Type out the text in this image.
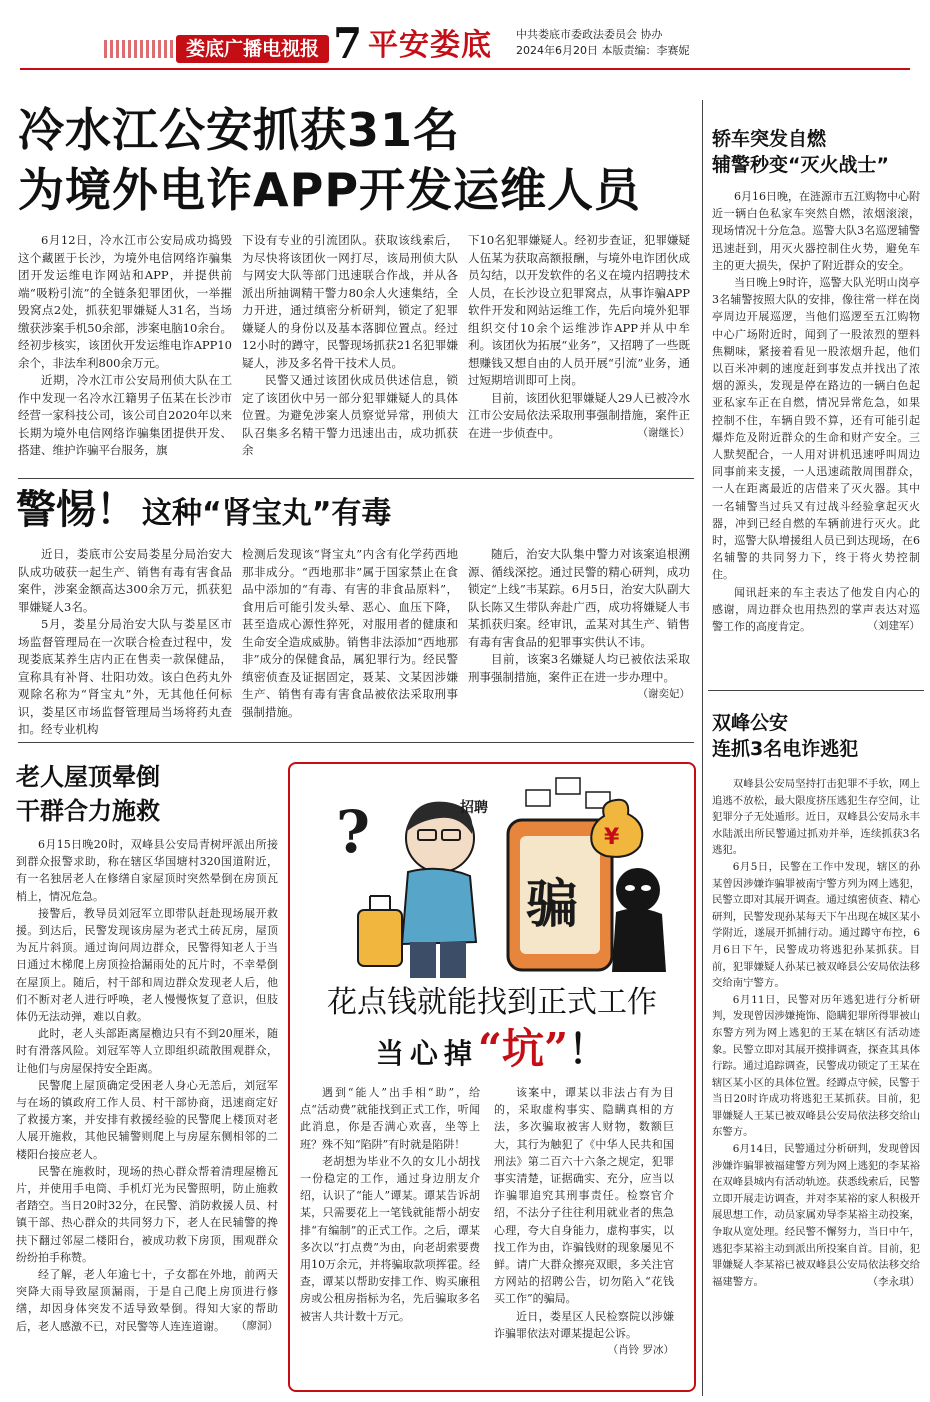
娄底广播电视报 7 平安娄底 中共娄底市委政法委员会 协办
2024年6月20日 本版责编：李赛妮
冷水江公安抓获31名
为境外电诈APP开发运维人员

6月12日，冷水江市公安局成功捣毁这个藏匿于长沙，为境外电信网络诈骗集团开发运维电诈网站和APP，并提供前端“吸粉引流”的全链条犯罪团伙，一举摧毁窝点2处，抓获犯罪嫌疑人31名，当场缴获涉案手机50余部，涉案电脑10余台。经初步核实，该团伙开发运维电诈APP10余个，非法牟利800余万元。

近期，冷水江市公安局刑侦大队在工作中发现一名冷水江籍男子伍某在长沙市经营一家科技公司，该公司自2020年以来长期为境外电信网络诈骗集团提供开发、搭建、维护诈骗平台服务，旗

下设有专业的引流团队。获取该线索后，为尽快将该团伙一网打尽，该局刑侦大队与网安大队等部门迅速联合作战，并从各派出所抽调精干警力80余人火速集结，全力开进，通过缜密分析研判，锁定了犯罪嫌疑人的身份以及基本落脚位置点。经过12小时的蹲守，民警现场抓获21名犯罪嫌疑人，涉及多名骨干技术人员。

民警又通过该团伙成员供述信息，锁定了该团伙中另一部分犯罪嫌疑人的具体位置。为避免涉案人员察觉异常，刑侦大队召集多名精干警力迅速出击，成功抓获余

下10名犯罪嫌疑人。经初步查证，犯罪嫌疑人伍某为获取高额报酬，与境外电诈团伙成员勾结，以开发软件的名义在境内招聘技术人员，在长沙设立犯罪窝点，从事诈骗APP软件开发和网站运维工作，先后向境外犯罪组织交付10余个运维涉诈APP并从中牟利。该团伙为拓展“业务”，又招聘了一些既想赚钱又想自由的人员开展“引流”业务，通过短期培训即可上岗。

目前，该团伙犯罪嫌疑人29人已被冷水江市公安局依法采取刑事强制措施，案件正在进一步侦查中。	（谢继长）

警惕！ 这种“肾宝丸”有毒

近日，娄底市公安局娄星分局治安大队成功破获一起生产、销售有毒有害食品案件，涉案金额高达300余万元，抓获犯罪嫌疑人3名。

5月，娄星分局治安大队与娄星区市场监督管理局在一次联合检查过程中，发现娄底某养生店内正在售卖一款保健品，宣称具有补肾、壮阳功效。该白色药丸外观除名称为“肾宝丸”外，无其他任何标识，娄星区市场监督管理局当场将药丸查扣。经专业机构

检测后发现该“肾宝丸”内含有化学药西地那非成分。“西地那非”属于国家禁止在食品中添加的“有毒、有害的非食品原料”，食用后可能引发头晕、恶心、血压下降，甚至造成心源性猝死，对服用者的健康和生命安全造成威胁。销售非法添加“西地那非”成分的保健食品，属犯罪行为。经民警缜密侦查及证据固定，聂某、文某因涉嫌生产、销售有毒有害食品被依法采取刑事强制措施。

随后，治安大队集中警力对该案追根溯源、循线深挖。通过民警的精心研判，成功锁定“上线”韦某踪。6月5日，治安大队副大队长陈又生带队奔赴广西，成功将嫌疑人韦某抓获归案。经审讯，孟某对其生产、销售有毒有害食品的犯罪事实供认不讳。

目前，该案3名嫌疑人均已被依法采取刑事强制措施，案件正在进一步办理中。
（谢奕妃）

老人屋顶晕倒
干群合力施救

6月15日晚20时，双峰县公安局青树坪派出所接到群众报警求助，称在辖区华国塘村320国道附近，有一名独居老人在修缮自家屋顶时突然晕倒在房顶瓦梢上，情况危急。

接警后，教导员刘冠军立即带队赶赴现场展开救援。到达后，民警发现该房屋为老式土砖瓦房，屋顶为瓦片斜顶。通过询问周边群众，民警得知老人于当日通过木梯爬上房顶捡拾漏雨处的瓦片时，不幸晕倒在屋顶上。随后，村干部和周边群众发现老人后，他们不断对老人进行呼唤，老人慢慢恢复了意识，但肢体仍无法动弹，难以自救。

此时，老人头部距离屋檐边只有不到20厘米，随时有滑落风险。刘冠军等人立即组织疏散围观群众，让他们与房屋保持安全距离。

民警爬上屋顶确定受困老人身心无恙后，刘冠军与在场的镇政府工作人员、村干部协商，迅速商定好了救援方案，并安排有救援经验的民警爬上楼顶对老人展开施救，其他民辅警则爬上与房屋东侧相邻的二楼阳台接应老人。

民警在施救时，现场的热心群众帮着清理屋檐瓦片，并使用手电筒、手机灯光为民警照明，防止施救者踏空。当日20时32分，在民警、消防救援人员、村镇干部、热心群众的共同努力下，老人在民辅警的搀扶下翻过邻屋二楼阳台，被成功救下房顶，围观群众纷纷拍手称赞。

经了解，老人年逾七十，子女都在外地，前两天突降大雨导致屋顶漏雨，于是自己爬上房顶进行修缮，却因身体突发不适导致晕倒。得知大家的帮助后，老人感激不已，对民警等人连连道谢。	（廖洞）

?	招聘
骗
¥
花点钱就能找到正式工作
当心掉“坑”！

遇到“能人”出手相“助”，给点“活动费”就能找到正式工作，听闻此消息，你是否满心欢喜，坐等上班？殊不知“陷阱”有时就是陷阱！

老胡想为毕业不久的女儿小胡找一份稳定的工作，通过身边朋友介绍，认识了“能人”谭某。谭某告诉胡某，只需要花上一笔钱就能帮小胡安排“有编制”的正式工作。之后，谭某多次以“打点费”为由，向老胡索要费用10万余元，并将骗取款项挥霍。经查，谭某以帮助安排工作、购买廉租房或公租房指标为名，先后骗取多名被害人共计数十万元。

该案中，谭某以非法占有为目的，采取虚构事实、隐瞒真相的方法，多次骗取被害人财物，数额巨大，其行为触犯了《中华人民共和国刑法》第二百六十六条之规定，犯罪事实清楚，证据确实、充分，应当以诈骗罪追究其刑事责任。检察官介绍，不法分子往往利用就业者的焦急心理，夸大自身能力，虚构事实，以找工作为由，诈骗钱财的现象屡见不鲜。请广大群众擦亮双眼，多关注官方网站的招聘公告，切勿陷入“花钱买工作”的骗局。

近日，娄星区人民检察院以涉嫌诈骗罪依法对谭某提起公诉。
（肖铃 罗冰）

轿车突发自燃
辅警秒变“灭火战士”

6月16日晚，在涟源市五江购物中心附近一辆白色私家车突然自燃，浓烟滚滚，现场情况十分危急。巡警大队3名巡逻辅警迅速赶到，用灭火器控制住火势，避免车主的更大损失，保护了附近群众的安全。

当日晚上9时许，巡警大队光明山岗亭3名辅警按照大队的安排，像往常一样在岗亭周边开展巡逻，当他们巡逻至五江购物中心广场附近时，闻到了一股浓烈的塑料焦糊味，紧接着看见一股浓烟升起，他们以百米冲刺的速度赶到事发点并找出了浓烟的源头，发现是停在路边的一辆白色起亚私家车正在自燃，情况异常危急，如果控制不住，车辆自毁不算，还有可能引起爆炸危及附近群众的生命和财产安全。三人默契配合，一人用对讲机迅速呼叫周边同事前来支援，一人迅速疏散周围群众，一人在距离最近的店借来了灭火器。其中一名辅警当过兵又有过战斗经验拿起灭火器，冲到已经自燃的车辆前进行灭火。此时，巡警大队增援组人员已到达现场，在6名辅警的共同努力下，终于将火势控制住。

闻讯赶来的车主表达了他发自内心的感谢，周边群众也用热烈的掌声表达对巡警工作的高度肯定。	（刘建军）

双峰公安
连抓3名电诈逃犯

双峰县公安局坚持打击犯罪不手软，网上追逃不放松，最大限度挤压逃犯生存空间，让犯罪分子无处遁形。近日，双峰县公安局永丰水陆派出所民警通过抓劝并举，连续抓获3名逃犯。

6月5日，民警在工作中发现，辖区的孙某曾因涉嫌诈骗罪被南宁警方列为网上逃犯，民警立即对其展开调查。通过缜密侦查、精心研判，民警发现孙某每天下午出现在城区某小学附近，遂展开抓捕行动。通过蹲守布控，6月6日下午，民警成功将逃犯孙某抓获。目前，犯罪嫌疑人孙某已被双峰县公安局依法移交给南宁警方。

6月11日，民警对历年逃犯进行分析研判，发现曾因涉嫌掩饰、隐瞒犯罪所得罪被山东警方列为网上逃犯的王某在辖区有活动迹象。民警立即对其展开摸排调查，探查其具体行踪。通过追踪调查，民警成功锁定了王某在辖区某小区的具体位置。经蹲点守候，民警于当日20时许成功将逃犯王某抓获。目前，犯罪嫌疑人王某已被双峰县公安局依法移交给山东警方。

6月14日，民警通过分析研判，发现曾因涉嫌诈骗罪被福建警方列为网上逃犯的李某裕在双峰县城内有活动轨迹。获悉线索后，民警立即开展走访调查，并对李某裕的家人积极开展思想工作，动员家属劝导李某裕主动投案，争取从宽处理。经民警不懈努力，当日中午，逃犯李某裕主动到派出所投案自首。目前，犯罪嫌疑人李某裕已被双峰县公安局依法移交给福建警方。	（李永琪）
